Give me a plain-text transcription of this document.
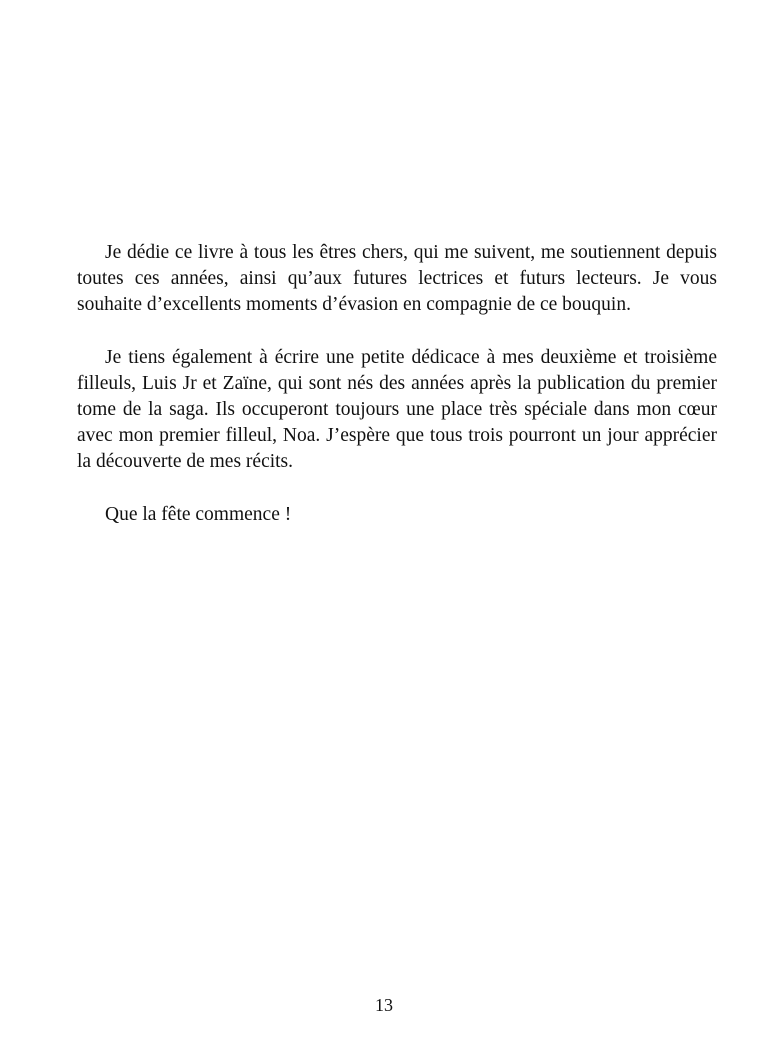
Je dédie ce livre à tous les êtres chers, qui me suivent, me soutiennent depuis toutes ces années, ainsi qu’aux futures lectrices et futurs lecteurs. Je vous souhaite d’excellents moments d’évasion en compagnie de ce bouquin.

Je tiens également à écrire une petite dédicace à mes deuxième et troisième filleuls, Luis Jr et Zaïne, qui sont nés des années après la publication du premier tome de la saga. Ils occuperont toujours une place très spéciale dans mon cœur avec mon premier filleul, Noa. J’espère que tous trois pourront un jour apprécier la découverte de mes récits.

Que la fête commence !

13
